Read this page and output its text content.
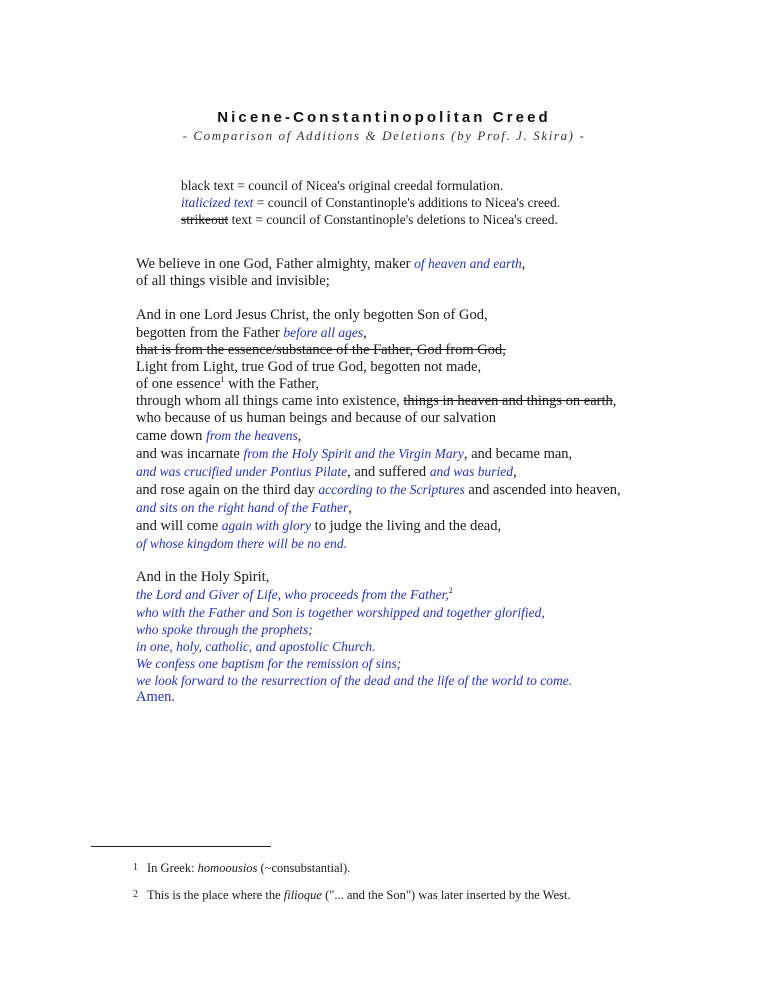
Nicene-Constantinopolitan Creed
- Comparison of Additions & Deletions (by Prof. J. Skira) -
black text = council of Nicea's original creedal formulation.
italicized text = council of Constantinople's additions to Nicea's creed.
strikeout text = council of Constantinople's deletions to Nicea's creed.
We believe in one God, Father almighty, maker of heaven and earth,
of all things visible and invisible;
And in one Lord Jesus Christ, the only begotten Son of God,
begotten from the Father before all ages,
that is from the essence/substance of the Father, God from God,
Light from Light, true God of true God, begotten not made,
of one essence$^1$ with the Father,
through whom all things came into existence, things in heaven and things on earth,
who because of us human beings and because of our salvation
came down from the heavens,
and was incarnate from the Holy Spirit and the Virgin Mary, and became man,
and was crucified under Pontius Pilate, and suffered and was buried,
and rose again on the third day according to the Scriptures and ascended into heaven,
and sits on the right hand of the Father,
and will come again with glory to judge the living and the dead,
of whose kingdom there will be no end.
And in the Holy Spirit,
the Lord and Giver of Life, who proceeds from the Father,$^2$
who with the Father and Son is together worshipped and together glorified,
who spoke through the prophets;
in one, holy, catholic, and apostolic Church.
We confess one baptism for the remission of sins;
we look forward to the resurrection of the dead and the life of the world to come.
Amen.
1 In Greek: homoousios (~consubstantial).
2 This is the place where the filioque ("... and the Son") was later inserted by the West.
